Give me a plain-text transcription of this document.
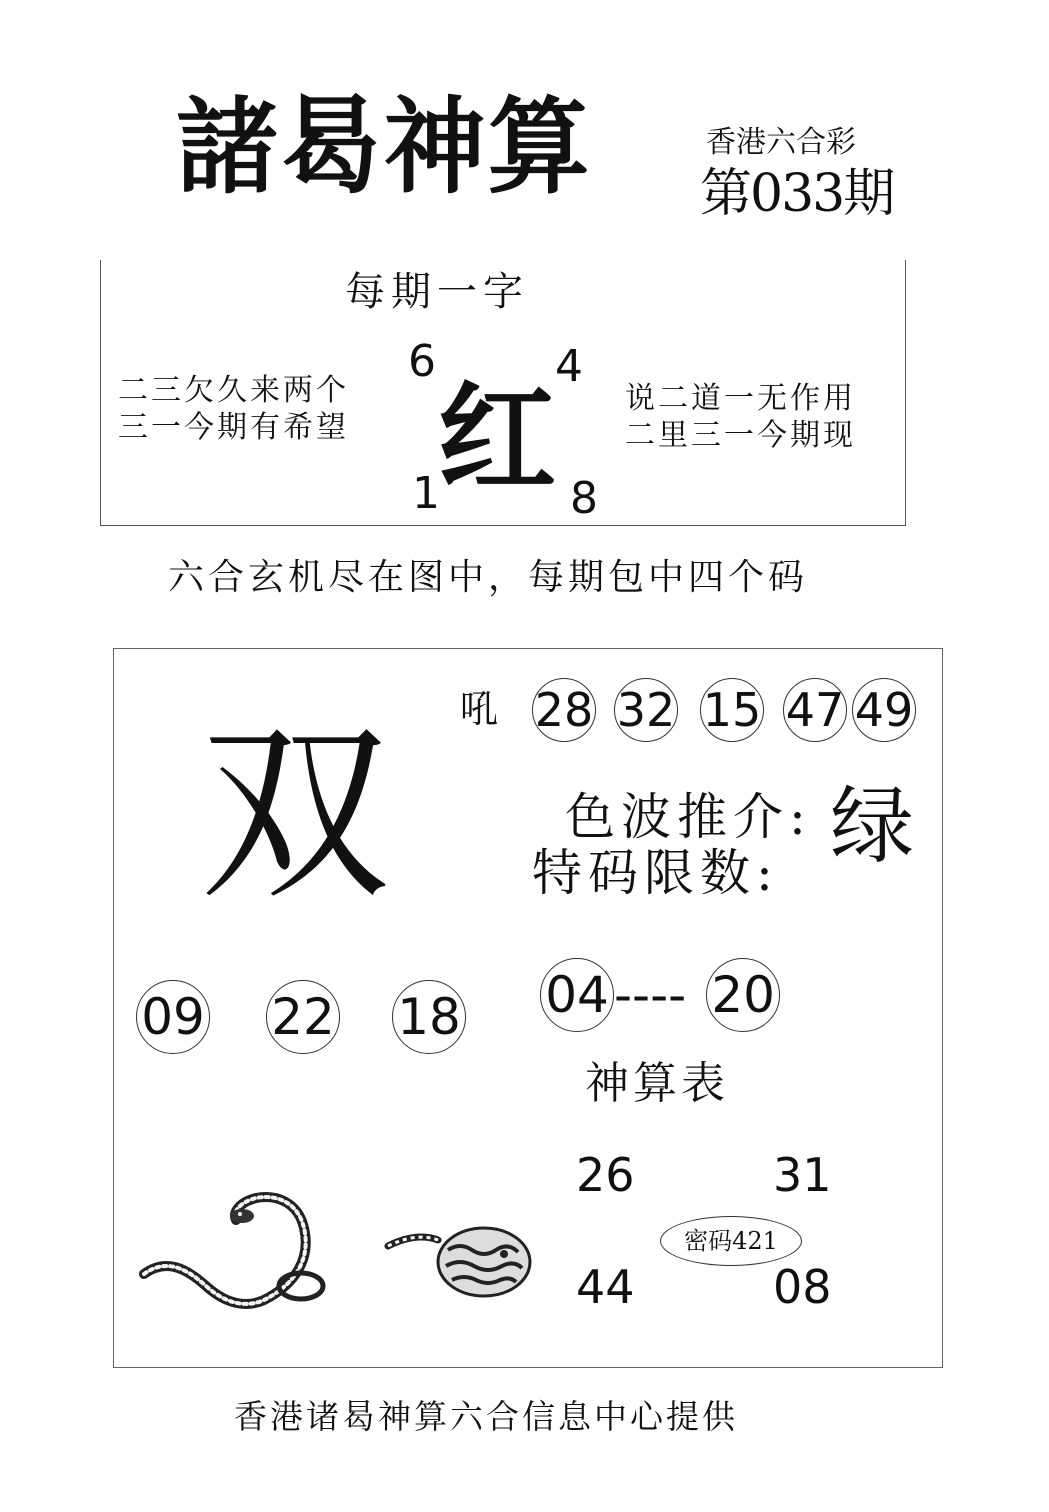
諸曷神算	香港六合彩
第033期
每期一字
二三欠久来两个
三一今期有希望
说二道一无作用
二里三一今期现
红
6	4
1	8
六合玄机尽在图中，每期包中四个码
吼 28 32 15 47 49
双	色波推介: 绿
特码限数:
09 22 18 04 ---- 20
神算表
26	31
44	08
密码421
香港诸曷神算六合信息中心提供
